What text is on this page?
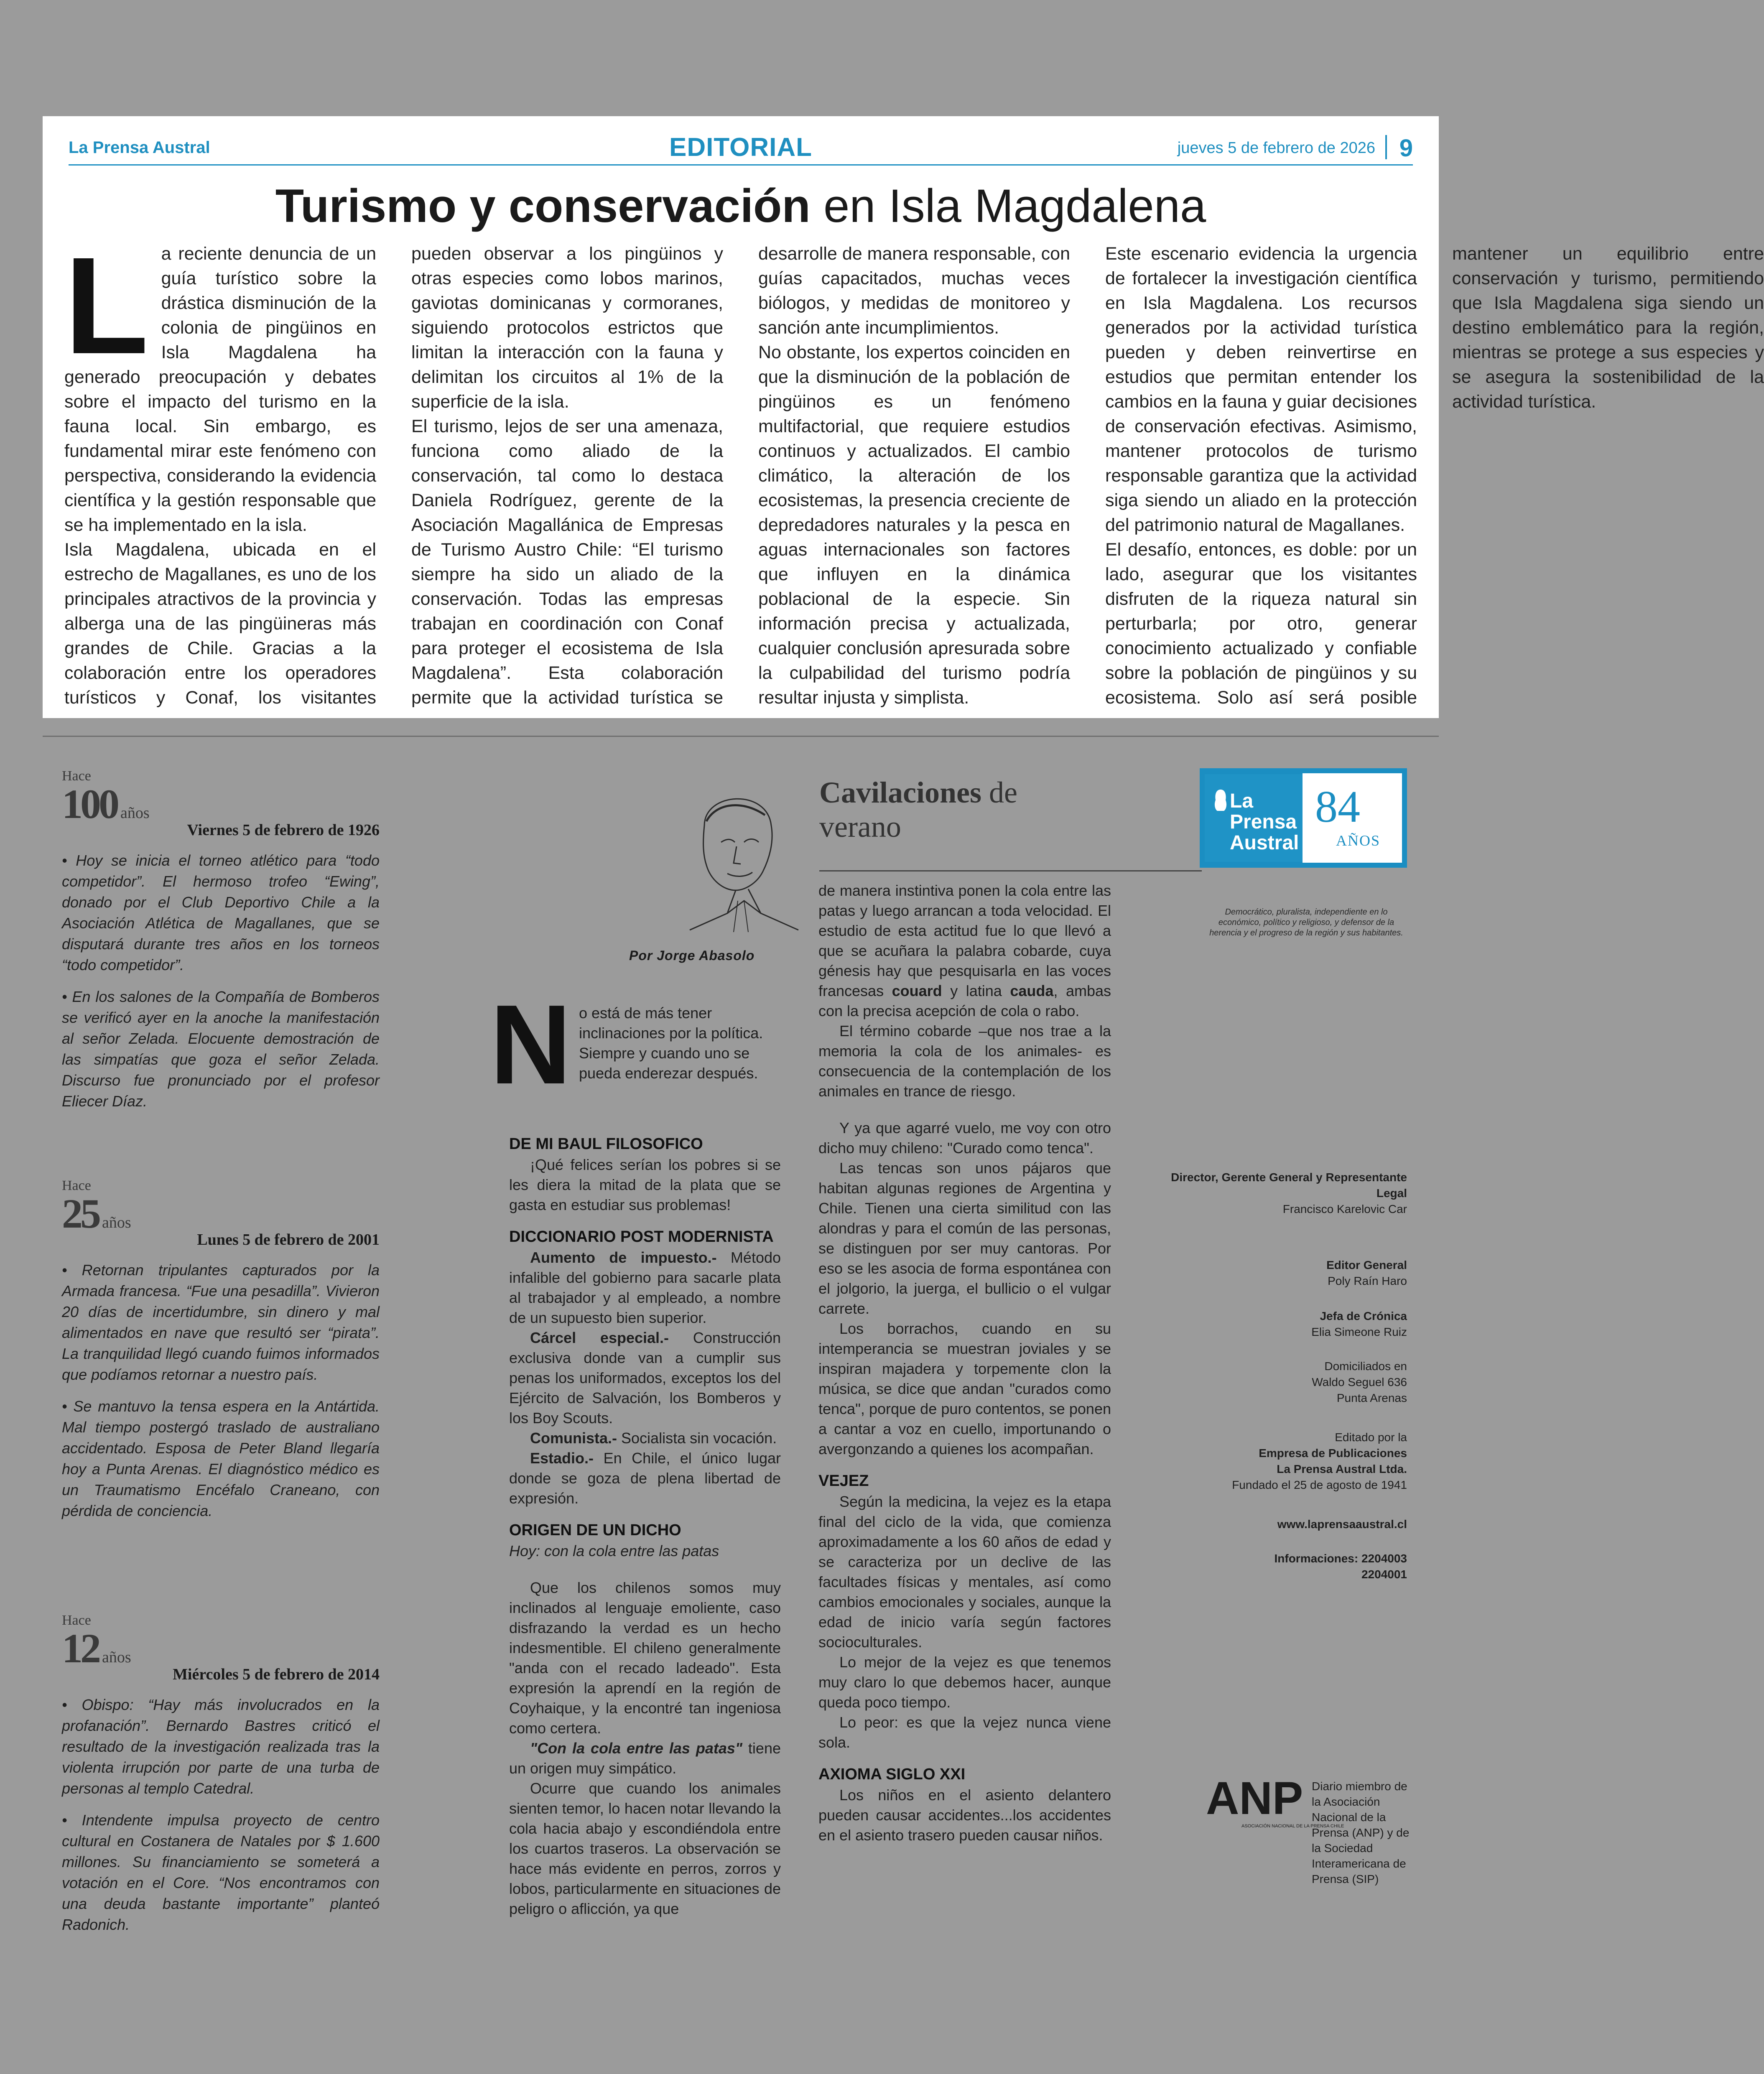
La Prensa Austral	EDITORIAL	jueves 5 de febrero de 2026 9
Turismo y conservación en Isla Magdalena
L a reciente denuncia de un guía turístico sobre la drástica disminución de la colonia de pingüinos en Isla Magdalena ha generado preocupación y debates sobre el impacto del turismo en la fauna local. Sin embargo, es fundamental mirar este fenómeno con perspectiva, considerando la evidencia científica y la gestión responsable que se ha implementado en la isla.

Isla Magdalena, ubicada en el estrecho de Magallanes, es uno de los principales atractivos de la provincia y alberga una de las pingüineras más grandes de Chile. Gracias a la colaboración entre los operadores turísticos y Conaf, los visitantes pueden observar a los pingüinos y otras especies como lobos marinos, gaviotas dominicanas y cormoranes, siguiendo protocolos estrictos que limitan la interacción con la fauna y delimitan los circuitos al 1% de la superficie de la isla.

El turismo, lejos de ser una amenaza, funciona como aliado de la conservación, tal como lo destaca Daniela Rodríguez, gerente de la Asociación Magallánica de Empresas de Turismo Austro Chile: “El turismo siempre ha sido un aliado de la conservación. Todas las empresas trabajan en coordinación con Conaf para proteger el ecosistema de Isla Magdalena”. Esta colaboración permite que la actividad turística se desarrolle de manera responsable, con guías capacitados, muchas veces biólogos, y medidas de monitoreo y sanción ante incumplimientos.

No obstante, los expertos coinciden en que la disminución de la población de pingüinos es un fenómeno multifactorial, que requiere estudios continuos y actualizados. El cambio climático, la alteración de los ecosistemas, la presencia creciente de depredadores naturales y la pesca en aguas internacionales son factores que influyen en la dinámica poblacional de la especie. Sin información precisa y actualizada, cualquier conclusión apresurada sobre la culpabilidad del turismo podría resultar injusta y simplista.

Este escenario evidencia la urgencia de fortalecer la investigación científica en Isla Magdalena. Los recursos generados por la actividad turística pueden y deben reinvertirse en estudios que permitan entender los cambios en la fauna y guiar decisiones de conservación efectivas. Asimismo, mantener protocolos de turismo responsable garantiza que la actividad siga siendo un aliado en la protección del patrimonio natural de Magallanes.

El desafío, entonces, es doble: por un lado, asegurar que los visitantes disfruten de la riqueza natural sin perturbarla; por otro, generar conocimiento actualizado y confiable sobre la población de pingüinos y su ecosistema. Solo así será posible mantener un equilibrio entre conservación y turismo, permitiendo que Isla Magdalena siga siendo un destino emblemático para la región, mientras se protege a sus especies y se asegura la sostenibilidad de la actividad turística.

Hace
100 años
Viernes 5 de febrero de 1926
• Hoy se inicia el torneo atlético para “todo competidor”. El hermoso trofeo “Ewing”, donado por el Club Deportivo Chile a la Asociación Atlética de Magallanes, que se disputará durante tres años en los torneos “todo competidor”.
• En los salones de la Compañía de Bomberos se verificó ayer en la anoche la manifestación al señor Zelada. Elocuente demostración de las simpatías que goza el señor Zelada. Discurso fue pronunciado por el profesor Eliecer Díaz.
Hace
25 años
Lunes 5 de febrero de 2001
• Retornan tripulantes capturados por la Armada francesa. “Fue una pesadilla”. Vivieron 20 días de incertidumbre, sin dinero y mal alimentados en nave que resultó ser “pirata”. La tranquilidad llegó cuando fuimos informados que podíamos retornar a nuestro país.
• Se mantuvo la tensa espera en la Antártida. Mal tiempo postergó traslado de australiano accidentado. Esposa de Peter Bland llegaría hoy a Punta Arenas. El diagnóstico médico es un Traumatismo Encéfalo Craneano, con pérdida de conciencia.
Hace
12 años
Miércoles 5 de febrero de 2014
• Obispo: “Hay más involucrados en la profanación”. Bernardo Bastres criticó el resultado de la investigación realizada tras la violenta irrupción por parte de una turba de personas al templo Catedral.
• Intendente impulsa proyecto de centro cultural en Costanera de Natales por $ 1.600 millones. Su financiamiento se someterá a votación en el Core. “Nos encontramos con una deuda bastante importante” planteó Radonich.
Por Jorge Abasolo
Cavilaciones de
verano
N o está de más tener inclinaciones por la política. Siempre y cuando uno se pueda enderezar después.

DE MI BAUL FILOSOFICO

¡Qué felices serían los pobres si se les diera la mitad de la plata que se gasta en estudiar sus problemas!

DICCIONARIO POST MODERNISTA

Aumento de impuesto.- Método infalible del gobierno para sacarle plata al trabajador y al empleado, a nombre de un supuesto bien superior.

Cárcel especial.- Construcción exclusiva donde van a cumplir sus penas los uniformados, exceptos los del Ejército de Salvación, los Bomberos y los Boy Scouts.

Comunista.- Socialista sin vocación.

Estadio.- En Chile, el único lugar donde se goza de plena libertad de expresión.

ORIGEN DE UN DICHO

Hoy: con la cola entre las patas

Que los chilenos somos muy inclinados al lenguaje emoliente, caso disfrazando la verdad es un hecho indesmentible. El chileno generalmente "anda con el recado ladeado". Esta expresión la aprendí en la región de Coyhaique, y la encontré tan ingeniosa como certera.

"Con la cola entre las patas" tiene un origen muy simpático.

Ocurre que cuando los animales sienten temor, lo hacen notar llevando la cola hacia abajo y escondiéndola entre los cuartos traseros. La observación se hace más evidente en perros, zorros y lobos, particularmente en situaciones de peligro o aflicción, ya que

de manera instintiva ponen la cola entre las patas y luego arrancan a toda velocidad. El estudio de esta actitud fue lo que llevó a que se acuñara la palabra cobarde, cuya génesis hay que pesquisarla en las voces francesas couard y latina cauda, ambas con la precisa acepción de cola o rabo.

El término cobarde –que nos trae a la memoria la cola de los animales- es consecuencia de la contemplación de los animales en trance de riesgo.

Y ya que agarré vuelo, me voy con otro dicho muy chileno: "Curado como tenca".

Las tencas son unos pájaros que habitan algunas regiones de Argentina y Chile. Tienen una cierta similitud con las alondras y para el común de las personas, se distinguen por ser muy cantoras. Por eso se les asocia de forma espontánea con el jolgorio, la juerga, el bullicio o el vulgar carrete.

Los borrachos, cuando en su intemperancia se muestran joviales y se inspiran majadera y torpemente clon la música, se dice que andan "curados como tenca", porque de puro contentos, se ponen a cantar a voz en cuello, importunando o avergonzando a quienes los acompañan.

VEJEZ

Según la medicina, la vejez es la etapa final del ciclo de la vida, que comienza aproximadamente a los 60 años de edad y se caracteriza por un declive de las facultades físicas y mentales, así como cambios emocionales y sociales, aunque la edad de inicio varía según factores socioculturales.

Lo mejor de la vejez es que tenemos muy claro lo que debemos hacer, aunque queda poco tiempo.

Lo peor: es que la vejez nunca viene sola.

AXIOMA SIGLO XXI

Los niños en el asiento delantero pueden causar accidentes...los accidentes en el asiento trasero pueden causar niños.

La
Prensa
Austral
84
AÑOS
Democrático, pluralista, independiente en lo económico, político y religioso, y defensor de la herencia y el progreso de la región y sus habitantes.
Director, Gerente General y Representante Legal
Francisco Karelovic Car
Editor General
Poly Raín Haro
Jefa de Crónica
Elia Simeone Ruiz
Domiciliados en
Waldo Seguel 636
Punta Arenas
Editado por la
Empresa de Publicaciones
La Prensa Austral Ltda.
Fundado el 25 de agosto de 1941
www.laprensaaustral.cl
Informaciones: 2204003
2204001
ANP
ASOCIACIÓN NACIONAL DE LA PRENSA CHILE
Diario miembro de la Asociación Nacional de la Prensa (ANP) y de la Sociedad Interamericana de Prensa (SIP)
